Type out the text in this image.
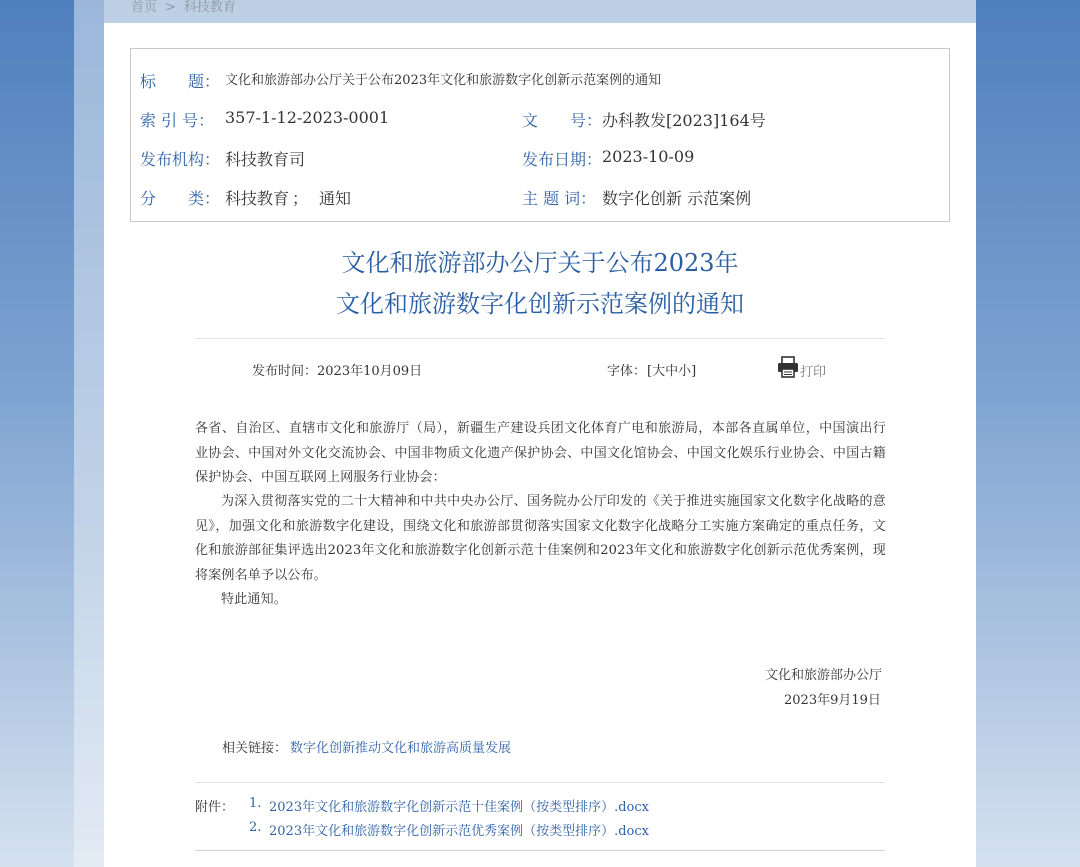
首页 > 科技教育
标　　题： 文化和旅游部办公厅关于公布2023年文化和旅游数字化创新示范案例的通知
索 引 号： 357-1-12-2023-0001	文　　号： 办科教发[2023]164号
发布机构： 科技教育司	发布日期： 2023-10-09
分　　类： 科技教育 ； 通知	主 题 词： 数字化创新 示范案例
文化和旅游部办公厅关于公布2023年
文化和旅游数字化创新示范案例的通知
发布时间：2023年10月09日	字体： [大中小]	打印
各省、自治区、直辖市文化和旅游厅（局），新疆生产建设兵团文化体育广电和旅游局，本部各直属单位，中国演出行业协会、中国对外文化交流协会、中国非物质文化遗产保护协会、中国文化馆协会、中国文化娱乐行业协会、中国古籍保护协会、中国互联网上网服务行业协会：
为深入贯彻落实党的二十大精神和中共中央办公厅、国务院办公厅印发的《关于推进实施国家文化数字化战略的意见》，加强文化和旅游数字化建设，围绕文化和旅游部贯彻落实国家文化数字化战略分工实施方案确定的重点任务，文化和旅游部征集评选出2023年文化和旅游数字化创新示范十佳案例和2023年文化和旅游数字化创新示范优秀案例，现将案例名单予以公布。
特此通知。
文化和旅游部办公厅
2023年9月19日
相关链接： 数字化创新推动文化和旅游高质量发展
附件： 1. 2023年文化和旅游数字化创新示范十佳案例（按类型排序）.docx
2. 2023年文化和旅游数字化创新示范优秀案例（按类型排序）.docx
